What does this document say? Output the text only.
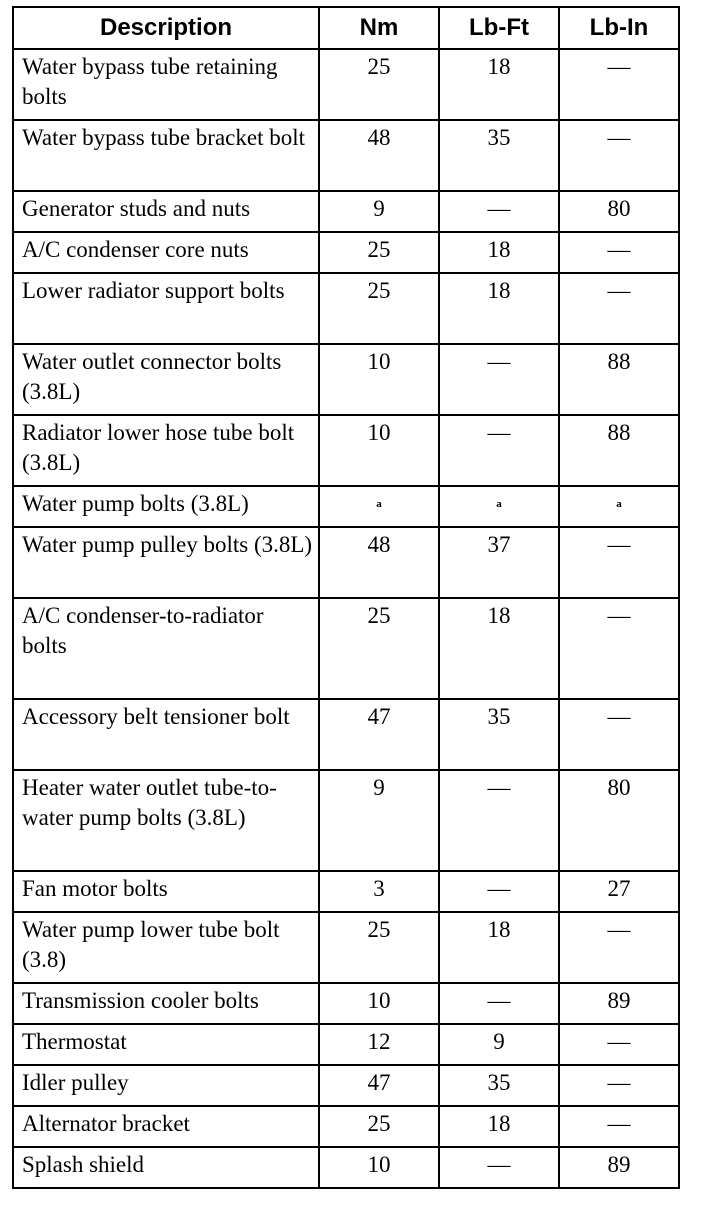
Description	Nm	Lb-Ft	Lb-In
Water bypass tube retaining bolts	25	18	—
Water bypass tube bracket bolt	48	35	—
Generator studs and nuts	9	—	80
A/C condenser core nuts	25	18	—
Lower radiator support bolts	25	18	—
Water outlet connector bolts (3.8L)	10	—	88
Radiator lower hose tube bolt (3.8L)	10	—	88
Water pump bolts (3.8L)	$^a$	$^a$	$^a$
Water pump pulley bolts (3.8L)	48	37	—
A/C condenser-to-radiator bolts	25	18	—
Accessory belt tensioner bolt	47	35	—
Heater water outlet tube-to-water pump bolts (3.8L)	9	—	80
Fan motor bolts	3	—	27
Water pump lower tube bolt (3.8)	25	18	—
Transmission cooler bolts	10	—	89
Thermostat	12	9	—
Idler pulley	47	35	—
Alternator bracket	25	18	—
Splash shield	10	—	89
